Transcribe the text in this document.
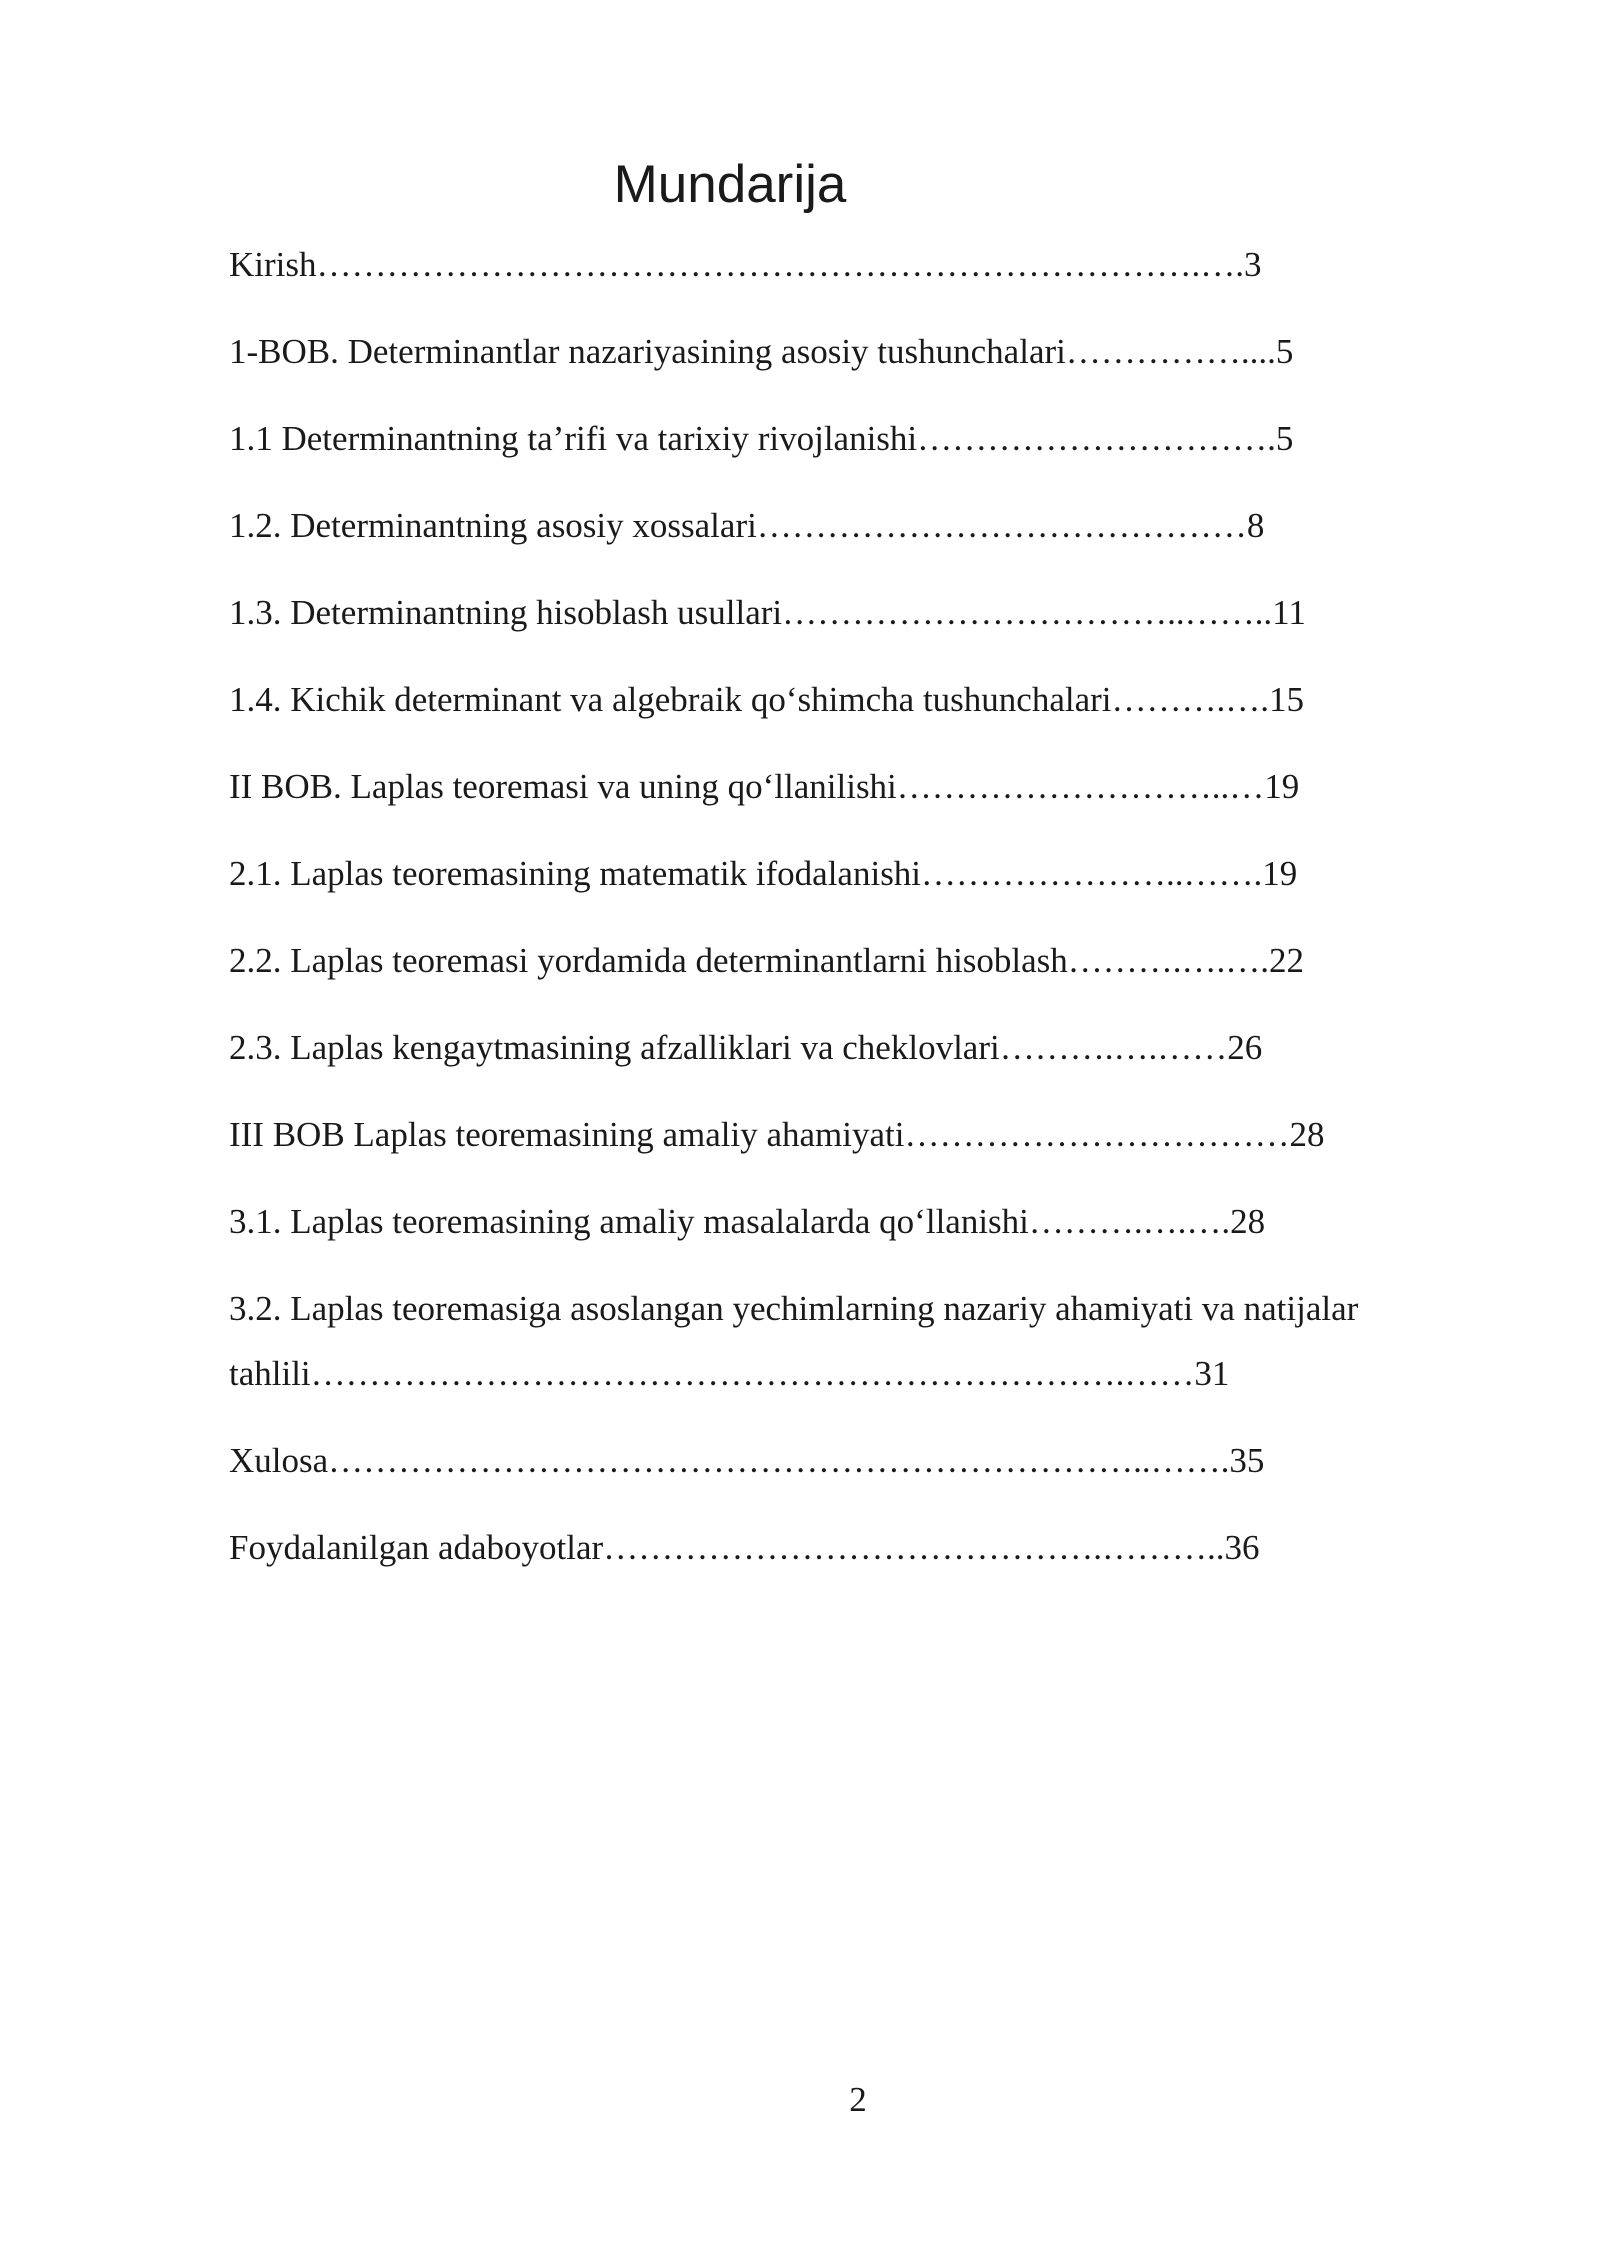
Mundarija
Kirish………………………………………………………………….….3
1-BOB. Determinantlar nazariyasining asosiy tushunchalari……………....5
1.1 Determinantning ta’rifi va tarixiy rivojlanishi………………………….5
1.2. Determinantning asosiy xossalari……………………………………8
1.3. Determinantning hisoblash usullari……………………………..……..11
1.4. Kichik determinant va algebraik qo‘shimcha tushunchalari……….….15
II BOB. Laplas teoremasi va uning qo‘llanilishi………………………..…19
2.1. Laplas teoremasining matematik ifodalanishi…………………..…….19
2.2. Laplas teoremasi yordamida determinantlarni hisoblash……….….….22
2.3. Laplas kengaytmasining afzalliklari va cheklovlari……….….……26
III BOB Laplas teoremasining amaliy ahamiyati……………………………28
3.1. Laplas teoremasining amaliy masalalarda qo‘llanishi……….….….28
3.2. Laplas teoremasiga asoslangan yechimlarning nazariy ahamiyati va natijalar tahlili…………………………………………………………….……31
Xulosa……………………………………………………………..…….35
Foydalanilgan adaboyotlar…………………………………….………..36
2
